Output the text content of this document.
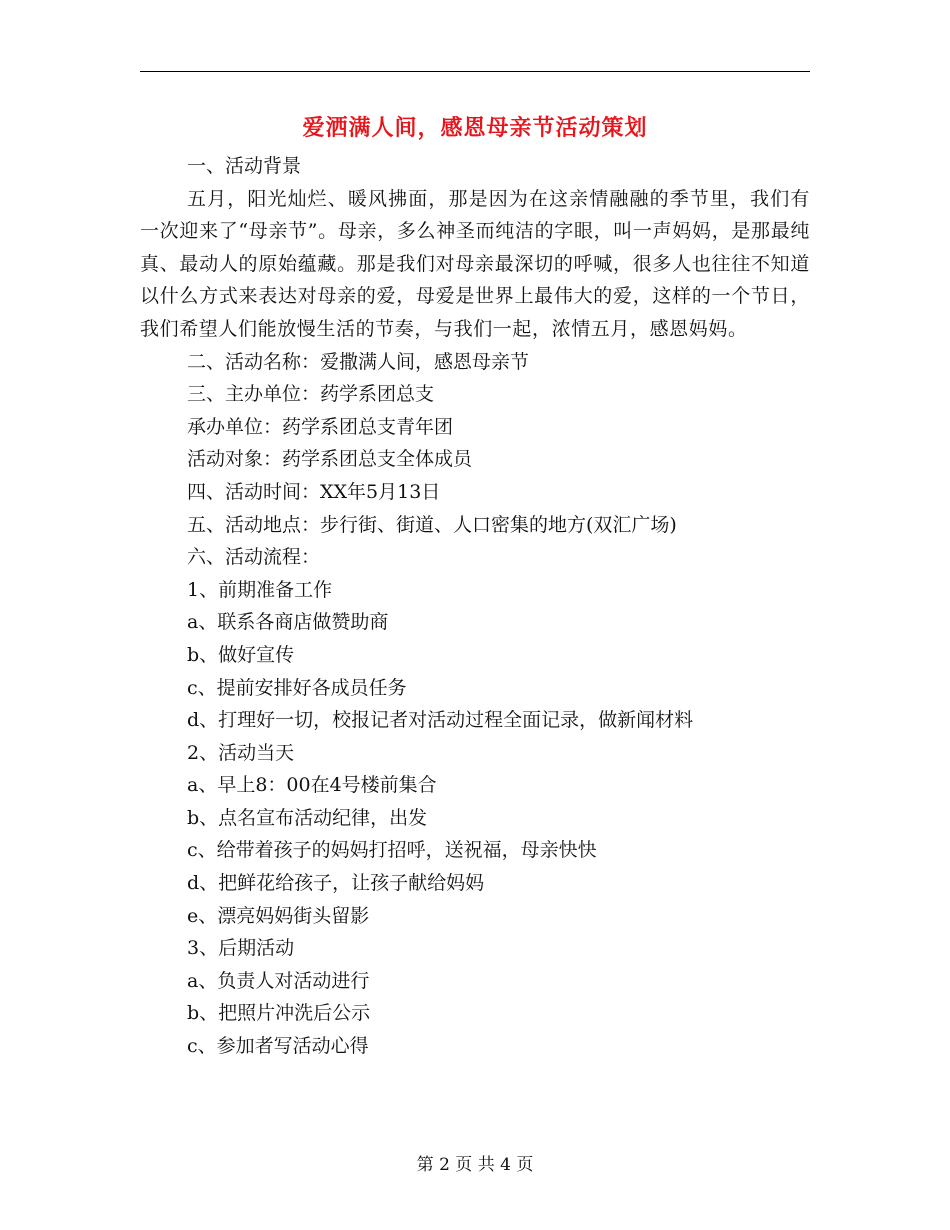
爱洒满人间，感恩母亲节活动策划

一、活动背景

五月，阳光灿烂、暖风拂面，那是因为在这亲情融融的季节里，我们有一次迎来了“母亲节”。母亲，多么神圣而纯洁的字眼，叫一声妈妈，是那最纯真、最动人的原始蕴藏。那是我们对母亲最深切的呼喊，很多人也往往不知道以什么方式来表达对母亲的爱，母爱是世界上最伟大的爱，这样的一个节日，我们希望人们能放慢生活的节奏，与我们一起，浓情五月，感恩妈妈。

二、活动名称：爱撒满人间，感恩母亲节

三、主办单位：药学系团总支

承办单位：药学系团总支青年团

活动对象：药学系团总支全体成员

四、活动时间：XX年5月13日

五、活动地点：步行街、街道、人口密集的地方(双汇广场)

六、活动流程：

1、前期准备工作

a、联系各商店做赞助商

b、做好宣传

c、提前安排好各成员任务

d、打理好一切，校报记者对活动过程全面记录，做新闻材料

2、活动当天

a、早上8：00在4号楼前集合

b、点名宣布活动纪律，出发

c、给带着孩子的妈妈打招呼，送祝福，母亲快快

d、把鲜花给孩子，让孩子献给妈妈

e、漂亮妈妈街头留影

3、后期活动

a、负责人对活动进行

b、把照片冲洗后公示

c、参加者写活动心得

第 2 页 共 4 页
